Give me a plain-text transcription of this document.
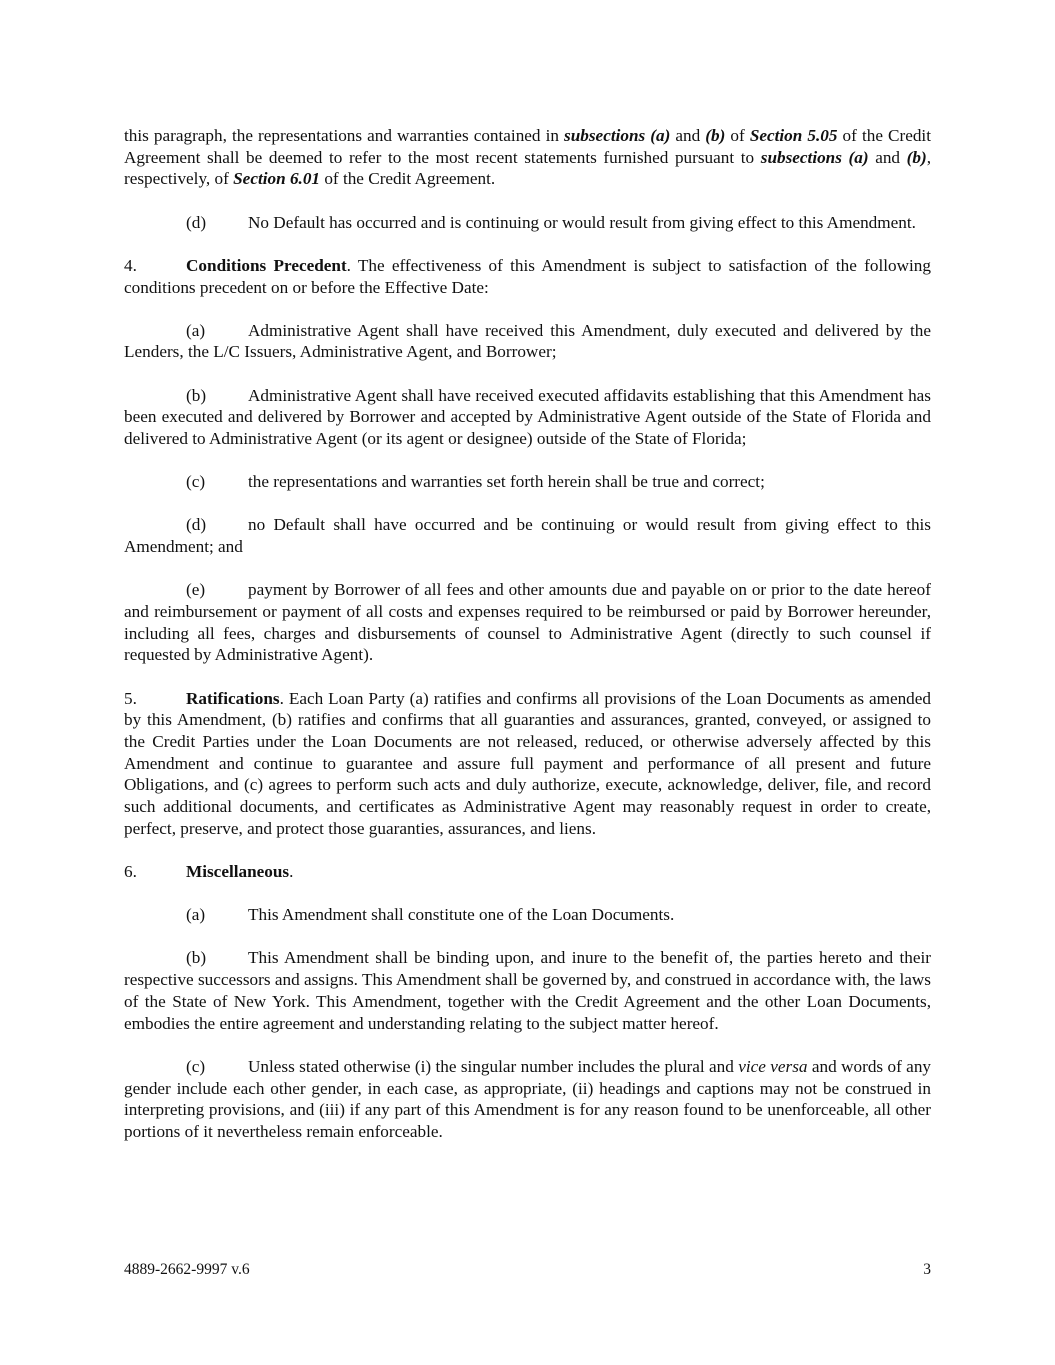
this paragraph, the representations and warranties contained in subsections (a) and (b) of Section 5.05 of the Credit Agreement shall be deemed to refer to the most recent statements furnished pursuant to subsections (a) and (b), respectively, of Section 6.01 of the Credit Agreement.

(d) No Default has occurred and is continuing or would result from giving effect to this Amendment.

4.	Conditions Precedent. The effectiveness of this Amendment is subject to satisfaction of the following conditions precedent on or before the Effective Date:

(a) Administrative Agent shall have received this Amendment, duly executed and delivered by the Lenders, the L/C Issuers, Administrative Agent, and Borrower;

(b) Administrative Agent shall have received executed affidavits establishing that this Amendment has been executed and delivered by Borrower and accepted by Administrative Agent outside of the State of Florida and delivered to Administrative Agent (or its agent or designee) outside of the State of Florida;

(c) the representations and warranties set forth herein shall be true and correct;

(d) no Default shall have occurred and be continuing or would result from giving effect to this Amendment; and

(e) payment by Borrower of all fees and other amounts due and payable on or prior to the date hereof and reimbursement or payment of all costs and expenses required to be reimbursed or paid by Borrower hereunder, including all fees, charges and disbursements of counsel to Administrative Agent (directly to such counsel if requested by Administrative Agent).

5.	Ratifications. Each Loan Party (a) ratifies and confirms all provisions of the Loan Documents as amended by this Amendment, (b) ratifies and confirms that all guaranties and assurances, granted, conveyed, or assigned to the Credit Parties under the Loan Documents are not released, reduced, or otherwise adversely affected by this Amendment and continue to guarantee and assure full payment and performance of all present and future Obligations, and (c) agrees to perform such acts and duly authorize, execute, acknowledge, deliver, file, and record such additional documents, and certificates as Administrative Agent may reasonably request in order to create, perfect, preserve, and protect those guaranties, assurances, and liens.

6.	Miscellaneous.

(a) This Amendment shall constitute one of the Loan Documents.

(b) This Amendment shall be binding upon, and inure to the benefit of, the parties hereto and their respective successors and assigns. This Amendment shall be governed by, and construed in accordance with, the laws of the State of New York. This Amendment, together with the Credit Agreement and the other Loan Documents, embodies the entire agreement and understanding relating to the subject matter hereof.

(c) Unless stated otherwise (i) the singular number includes the plural and vice versa and words of any gender include each other gender, in each case, as appropriate, (ii) headings and captions may not be construed in interpreting provisions, and (iii) if any part of this Amendment is for any reason found to be unenforceable, all other portions of it nevertheless remain enforceable.

4889-2662-9997 v.6	3
